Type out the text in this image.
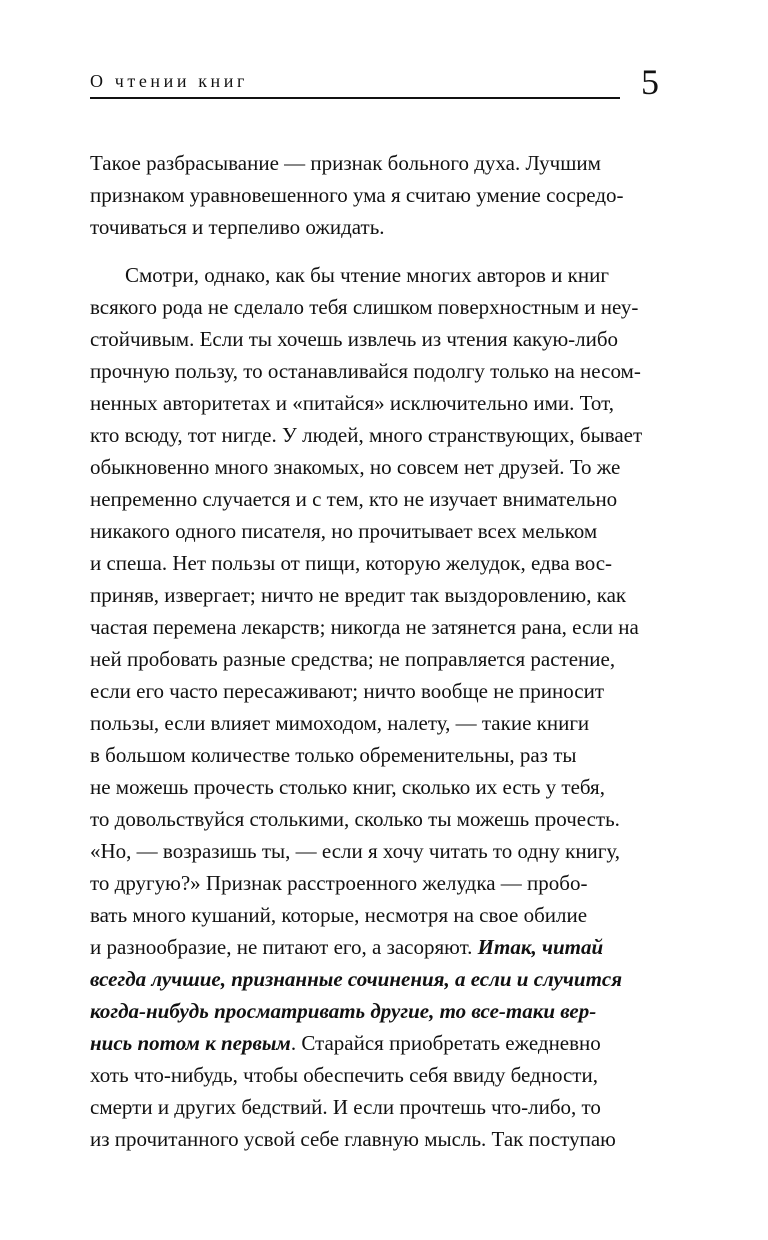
О чтении книг	5
Такое разбрасывание — признак больного духа. Лучшим
признаком уравновешенного ума я считаю умение сосредо-
точиваться и терпеливо ожидать.
Смотри, однако, как бы чтение многих авторов и книг
всякого рода не сделало тебя слишком поверхностным и неу-
стойчивым. Если ты хочешь извлечь из чтения какую-либо
прочную пользу, то останавливайся подолгу только на несом-
ненных авторитетах и «питайся» исключительно ими. Тот,
кто всюду, тот нигде. У людей, много странствующих, бывает
обыкновенно много знакомых, но совсем нет друзей. То же
непременно случается и с тем, кто не изучает внимательно
никакого одного писателя, но прочитывает всех мельком
и спеша. Нет пользы от пищи, которую желудок, едва вос-
приняв, извергает; ничто не вредит так выздоровлению, как
частая перемена лекарств; никогда не затянется рана, если на
ней пробовать разные средства; не поправляется растение,
если его часто пересаживают; ничто вообще не приносит
пользы, если влияет мимоходом, налету, — такие книги
в большом количестве только обременительны, раз ты
не можешь прочесть столько книг, сколько их есть у тебя,
то довольствуйся столькими, сколько ты можешь прочесть.
«Но, — возразишь ты, — если я хочу читать то одну книгу,
то другую?» Признак расстроенного желудка — пробо-
вать много кушаний, которые, несмотря на свое обилие
и разнообразие, не питают его, а засоряют. Итак, читай
всегда лучшие, признанные сочинения, а если и случится
когда-нибудь просматривать другие, то все-таки вер-
нись потом к первым. Старайся приобретать ежедневно
хоть что-нибудь, чтобы обеспечить себя ввиду бедности,
смерти и других бедствий. И если прочтешь что-либо, то
из прочитанного усвой себе главную мысль. Так поступаю
